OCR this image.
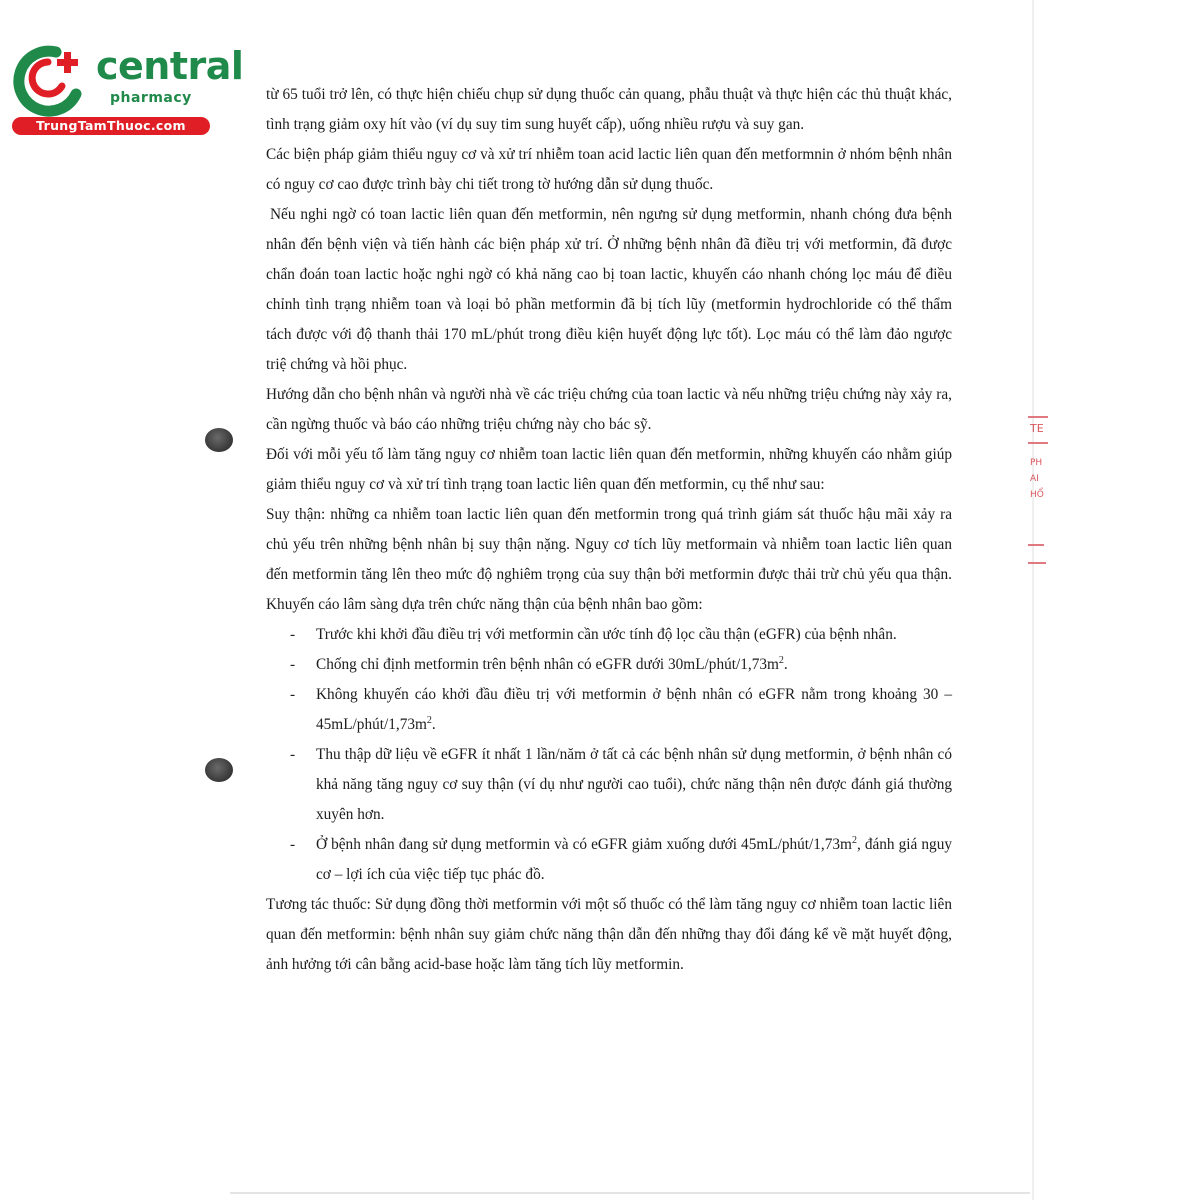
central
pharmacy
TrungTamThuoc.com
TE
PH
AI
HỔ

từ 65 tuổi trở lên, có thực hiện chiếu chụp sử dụng thuốc cản quang, phẫu thuật và thực hiện các thủ thuật khác, tình trạng giảm oxy hít vào (ví dụ suy tim sung huyết cấp), uống nhiều rượu và suy gan.

Các biện pháp giảm thiểu nguy cơ và xử trí nhiễm toan acid lactic liên quan đến metformnin ở nhóm bệnh nhân có nguy cơ cao được trình bày chi tiết trong tờ hướng dẫn sử dụng thuốc.

Nếu nghi ngờ có toan lactic liên quan đến metformin, nên ngưng sử dụng metformin, nhanh chóng đưa bệnh nhân đến bệnh viện và tiến hành các biện pháp xử trí. Ở những bệnh nhân đã điều trị với metformin, đã được chẩn đoán toan lactic hoặc nghi ngờ có khả năng cao bị toan lactic, khuyến cáo nhanh chóng lọc máu để điều chỉnh tình trạng nhiễm toan và loại bỏ phần metformin đã bị tích lũy (metformin hydrochloride có thể thẩm tách được với độ thanh thải 170 mL/phút trong điều kiện huyết động lực tốt). Lọc máu có thể làm đảo ngược triệ chứng và hồi phục.

Hướng dẫn cho bệnh nhân và người nhà về các triệu chứng của toan lactic và nếu những triệu chứng này xảy ra, cần ngừng thuốc và báo cáo những triệu chứng này cho bác sỹ.

Đối với mỗi yếu tố làm tăng nguy cơ nhiễm toan lactic liên quan đến metformin, những khuyến cáo nhằm giúp giảm thiểu nguy cơ và xử trí tình trạng toan lactic liên quan đến metformin, cụ thể như sau:

Suy thận: những ca nhiễm toan lactic liên quan đến metformin trong quá trình giám sát thuốc hậu mãi xảy ra chủ yếu trên những bệnh nhân bị suy thận nặng. Nguy cơ tích lũy metformain và nhiễm toan lactic liên quan đến metformin tăng lên theo mức độ nghiêm trọng của suy thận bởi metformin được thải trừ chủ yếu qua thận. Khuyến cáo lâm sàng dựa trên chức năng thận của bệnh nhân bao gồm:

- Trước khi khởi đầu điều trị với metformin cần ước tính độ lọc cầu thận (eGFR) của bệnh nhân.
- Chống chỉ định metformin trên bệnh nhân có eGFR dưới $30mL/phút/1,73m^2$.
- Không khuyến cáo khởi đầu điều trị với metformin ở bệnh nhân có eGFR nằm trong khoảng $30 - 45mL/phút/1,73m^2$.
- Thu thập dữ liệu về eGFR ít nhất 1 lần/năm ở tất cả các bệnh nhân sử dụng metformin, ở bệnh nhân có khả năng tăng nguy cơ suy thận (ví dụ như người cao tuổi), chức năng thận nên được đánh giá thường xuyên hơn.
- Ở bệnh nhân đang sử dụng metformin và có eGFR giảm xuống dưới $45mL/phút/1,73m^2$, đánh giá nguy cơ – lợi ích của việc tiếp tục phác đồ.

Tương tác thuốc: Sử dụng đồng thời metformin với một số thuốc có thể làm tăng nguy cơ nhiễm toan lactic liên quan đến metformin: bệnh nhân suy giảm chức năng thận dẫn đến những thay đổi đáng kể về mặt huyết động, ảnh hưởng tới cân bằng acid-base hoặc làm tăng tích lũy metformin.
